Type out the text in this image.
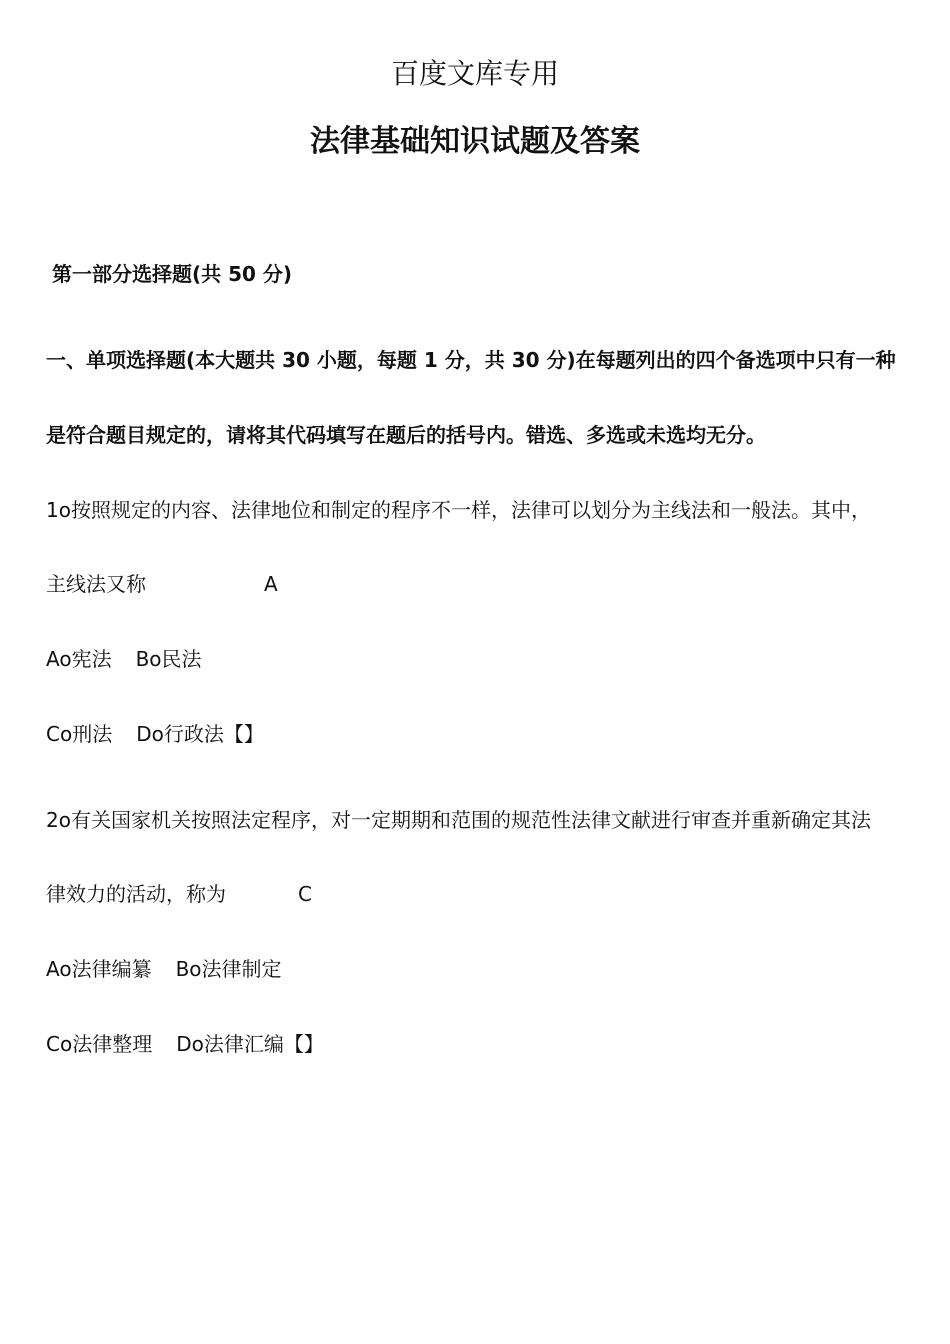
百度文库专用
法律基础知识试题及答案
第一部分选择题(共 50 分)
一、单项选择题(本大题共 30 小题，每题 1 分，共 30 分)在每题列出的四个备选项中只有一种
是符合题目规定的，请将其代码填写在题后的括号内。错选、多选或未选均无分。
1o按照规定的内容、法律地位和制定的程序不一样，法律可以划分为主线法和一般法。其中，
主线法又称	A
Ao宪法 Bo民法
Co刑法 Do行政法【】
2o有关国家机关按照法定程序，对一定期期和范围的规范性法律文献进行审查并重新确定其法
律效力的活动，称为	C
Ao法律编纂 Bo法律制定
Co法律整理 Do法律汇编【】
